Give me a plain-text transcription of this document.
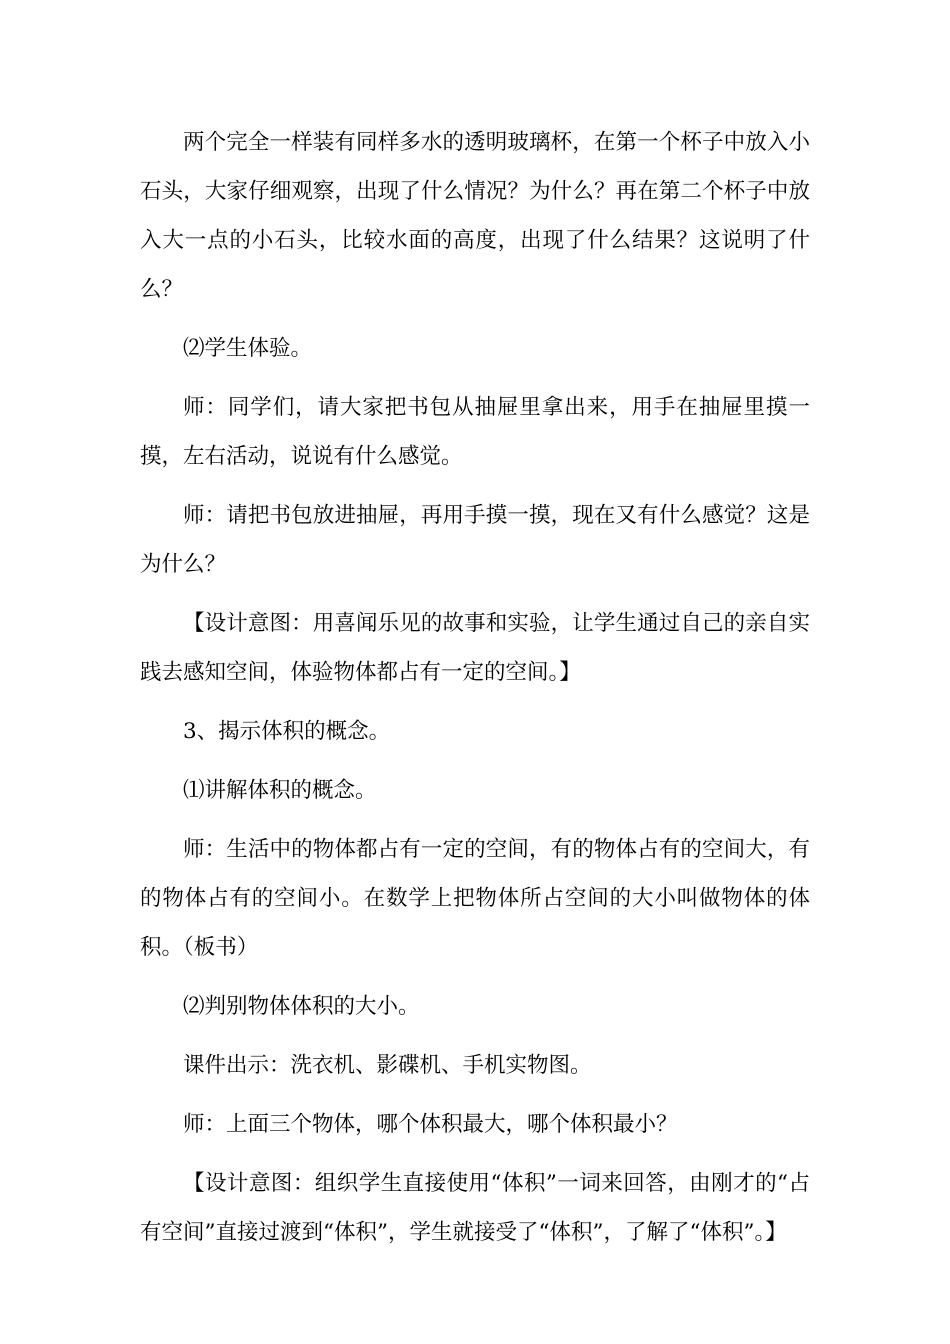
两个完全一样装有同样多水的透明玻璃杯，在第一个杯子中放入小石头，大家仔细观察，出现了什么情况？为什么？再在第二个杯子中放入大一点的小石头，比较水面的高度，出现了什么结果？这说明了什么？

⑵学生体验。

师：同学们，请大家把书包从抽屉里拿出来，用手在抽屉里摸一摸，左右活动，说说有什么感觉。

师：请把书包放进抽屉，再用手摸一摸，现在又有什么感觉？这是为什么？

【设计意图：用喜闻乐见的故事和实验，让学生通过自己的亲自实践去感知空间，体验物体都占有一定的空间。】

3、揭示体积的概念。

⑴讲解体积的概念。

师：生活中的物体都占有一定的空间，有的物体占有的空间大，有的物体占有的空间小。在数学上把物体所占空间的大小叫做物体的体积。（板书）

⑵判别物体体积的大小。

课件出示：洗衣机、影碟机、手机实物图。

师：上面三个物体，哪个体积最大，哪个体积最小？

【设计意图：组织学生直接使用“体积”一词来回答，由刚才的“占有空间”直接过渡到“体积”，学生就接受了“体积”，了解了“体积”。】
